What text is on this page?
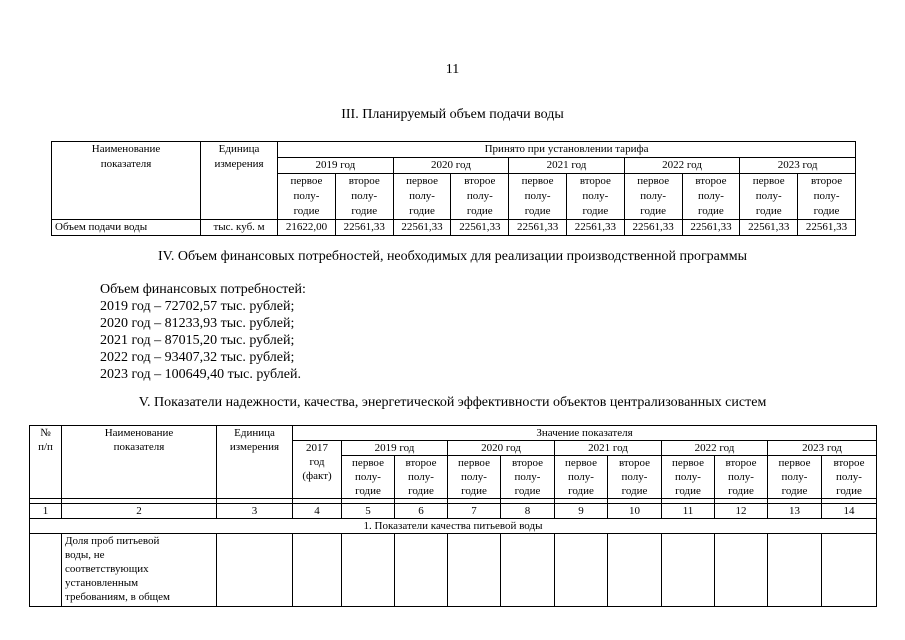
11
III. Планируемый объем подачи воды
Наименование
показателя	Единица
измерения	Принято при установлении тарифа									
		2019 год		2020 год		2021 год		2022 год		2023 год	

		первое
полу-
годие	второе
полу-
годие	первое
полу-
годие	второе
полу-
годие	первое
полу-
годие	второе
полу-
годие	первое
полу-
годие	второе
полу-
годие	первое
полу-
годие	второе
полу-
годие

Объем подачи воды	тыс. куб. м	21622,00	22561,33	22561,33	22561,33	22561,33	22561,33	22561,33	22561,33	22561,33	22561,33
IV. Объем финансовых потребностей, необходимых для реализации производственной программы
Объем финансовых потребностей:
2019 год – 72702,57 тыс. рублей;
2020 год – 81233,93 тыс. рублей;
2021 год – 87015,20 тыс. рублей;
2022 год – 93407,32 тыс. рублей;
2023 год – 100649,40 тыс. рублей.
V. Показатели надежности, качества, энергетической эффективности объектов централизованных систем
№
п/п	Наименование
показателя	Единица
измерения	Значение показателя										

			2017
год
(факт)	2019 год		2020 год		2021 год		2022 год		2023 год	

				первое
полу-
годие	второе
полу-
годие	первое
полу-
годие	второе
полу-
годие	первое
полу-
годие	второе
полу-
годие	первое
полу-
годие	второе
полу-
годие	первое
полу-
годие	второе
полу-
годие

1	2	3	4	5	6	7	8	9	10	11	12	13	14
1. Показатели качества питьевой воды													

	Доля проб питьевой
воды, не
соответствующих
установленным
требованиям, в общем												
